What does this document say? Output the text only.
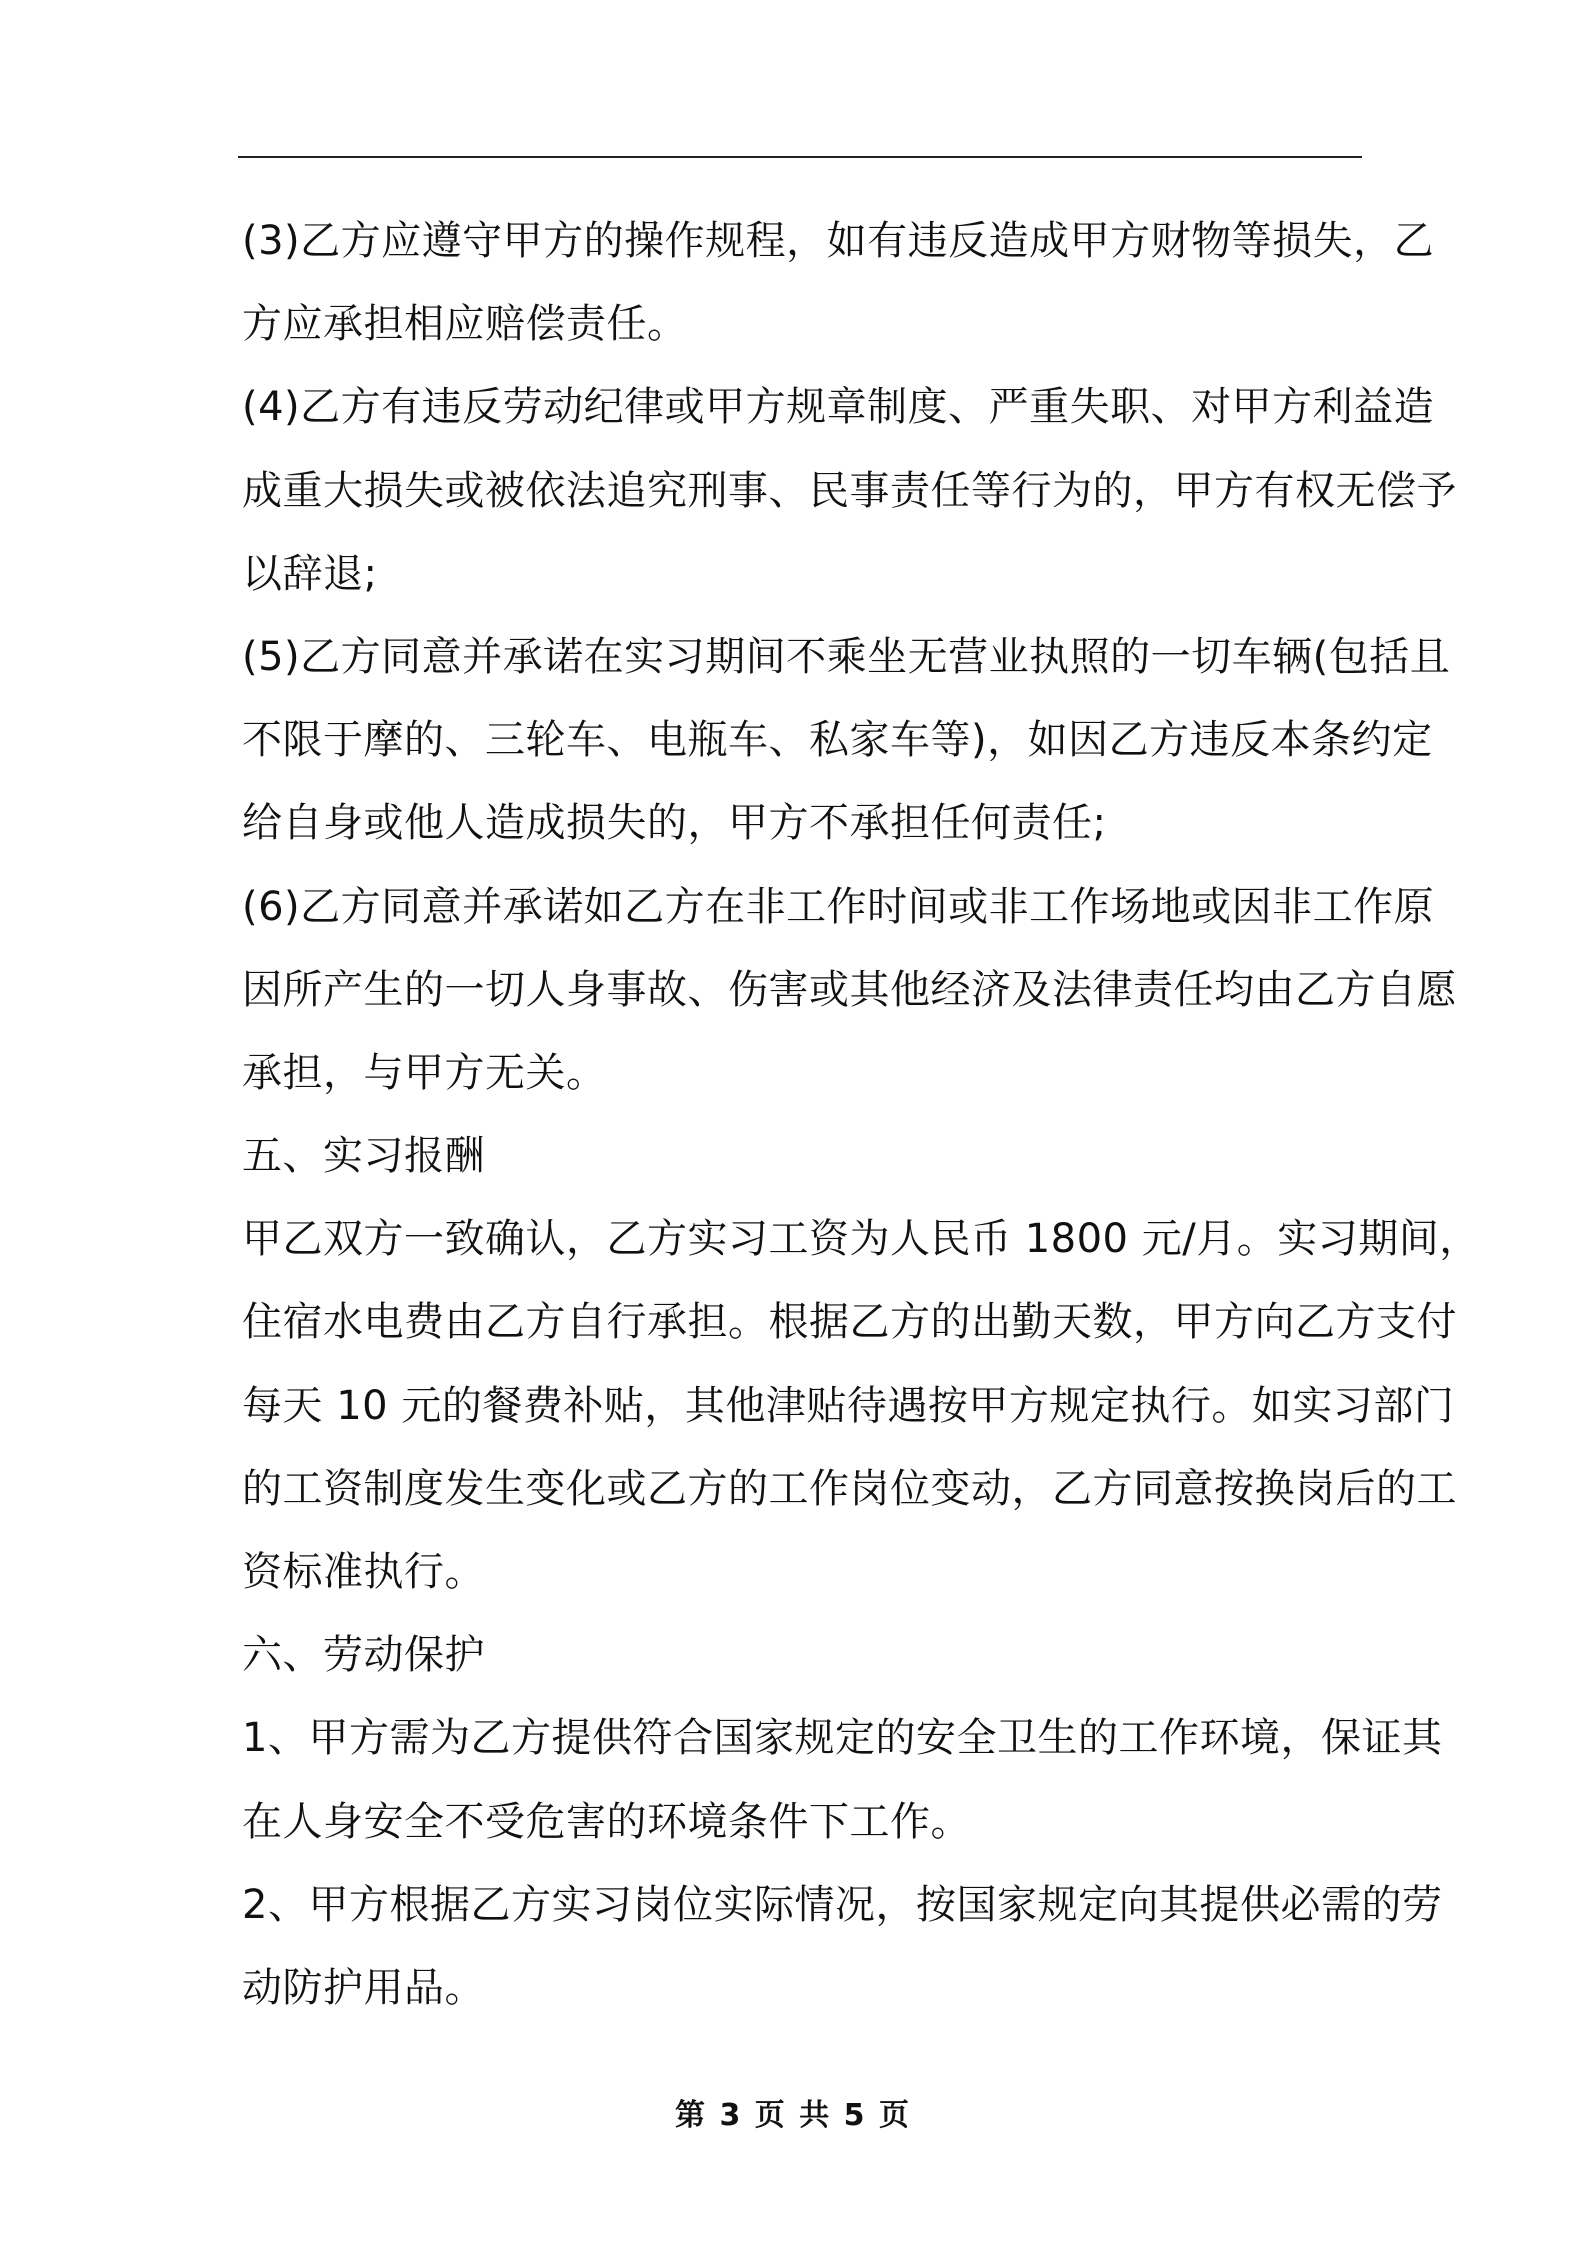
(3)乙方应遵守甲方的操作规程，如有违反造成甲方财物等损失，乙
方应承担相应赔偿责任。
(4)乙方有违反劳动纪律或甲方规章制度、严重失职、对甲方利益造
成重大损失或被依法追究刑事、民事责任等行为的，甲方有权无偿予
以辞退;
(5)乙方同意并承诺在实习期间不乘坐无营业执照的一切车辆(包括且
不限于摩的、三轮车、电瓶车、私家车等)，如因乙方违反本条约定
给自身或他人造成损失的，甲方不承担任何责任;
(6)乙方同意并承诺如乙方在非工作时间或非工作场地或因非工作原
因所产生的一切人身事故、伤害或其他经济及法律责任均由乙方自愿
承担，与甲方无关。
五、实习报酬
甲乙双方一致确认，乙方实习工资为人民币 1800 元/月。实习期间，
住宿水电费由乙方自行承担。根据乙方的出勤天数，甲方向乙方支付
每天 10 元的餐费补贴，其他津贴待遇按甲方规定执行。如实习部门
的工资制度发生变化或乙方的工作岗位变动，乙方同意按换岗后的工
资标准执行。
六、劳动保护
1、甲方需为乙方提供符合国家规定的安全卫生的工作环境，保证其
在人身安全不受危害的环境条件下工作。
2、甲方根据乙方实习岗位实际情况，按国家规定向其提供必需的劳
动防护用品。
第 3 页 共 5 页
